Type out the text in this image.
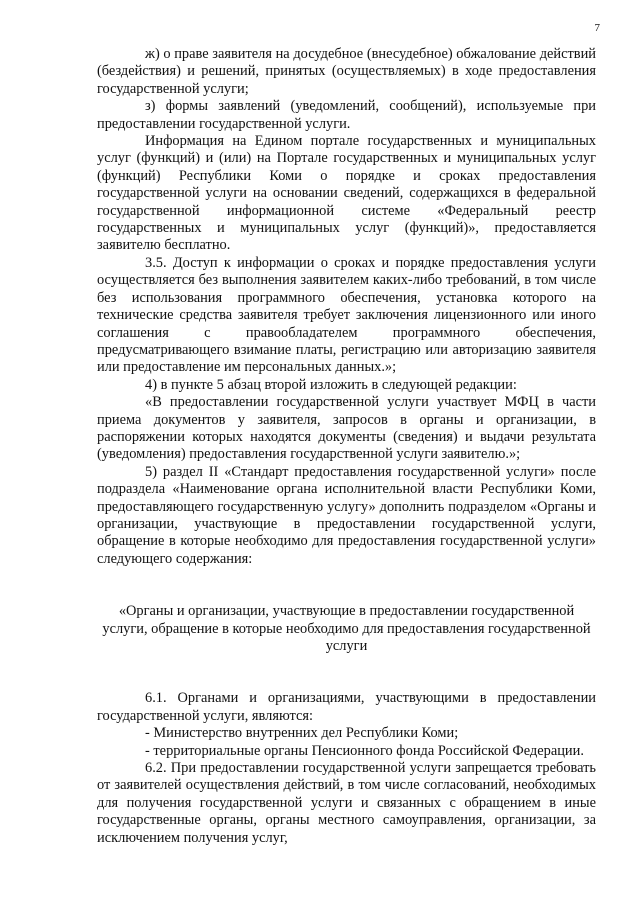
7

ж) о праве заявителя на досудебное (внесудебное) обжалование действий (бездействия) и решений, принятых (осуществляемых) в ходе предоставления государственной услуги;

з) формы заявлений (уведомлений, сообщений), используемые при предоставлении государственной услуги.

Информация на Едином портале государственных и муниципальных услуг (функций) и (или) на Портале государственных и муниципальных услуг (функций) Республики Коми о порядке и сроках предоставления государственной услуги на основании сведений, содержащихся в федеральной государственной информационной системе «Федеральный реестр государственных и муниципальных услуг (функций)», предоставляется заявителю бесплатно.

3.5. Доступ к информации о сроках и порядке предоставления услуги осуществляется без выполнения заявителем каких-либо требований, в том числе без использования программного обеспечения, установка которого на технические средства заявителя требует заключения лицензионного или иного соглашения с правообладателем программного обеспечения, предусматривающего взимание платы, регистрацию или авторизацию заявителя или предоставление им персональных данных.»;

4) в пункте 5 абзац второй изложить в следующей редакции:

«В предоставлении государственной услуги участвует МФЦ в части приема документов у заявителя, запросов в органы и организации, в распоряжении которых находятся документы (сведения) и выдачи результата (уведомления) предоставления государственной услуги заявителю.»;

5) раздел II «Стандарт предоставления государственной услуги» после подраздела «Наименование органа исполнительной власти Республики Коми, предоставляющего государственную услугу» дополнить подразделом «Органы и организации, участвующие в предоставлении государственной услуги, обращение в которые необходимо для предоставления государственной услуги» следующего содержания:

«Органы и организации, участвующие в предоставлении государственной услуги, обращение в которые необходимо для предоставления государственной услуги

6.1. Органами и организациями, участвующими в предоставлении государственной услуги, являются:

- Министерство внутренних дел Республики Коми;

- территориальные органы Пенсионного фонда Российской Федерации.

6.2. При предоставлении государственной услуги запрещается требовать от заявителей осуществления действий, в том числе согласований, необходимых для получения государственной услуги и связанных с обращением в иные государственные органы, органы местного самоуправления, организации, за исключением получения услуг,
